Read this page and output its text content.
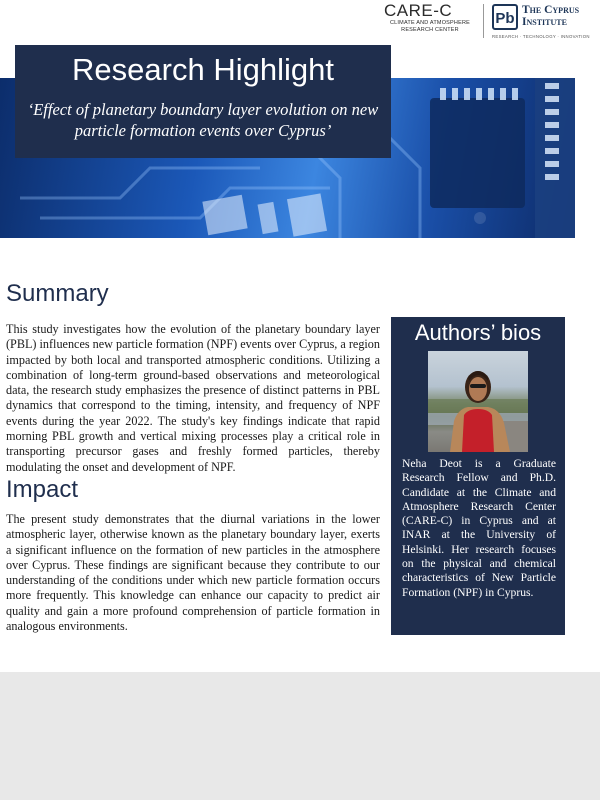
CARE-C
CLIMATE AND ATMOSPHERE RESEARCH CENTER
Pb The Cyprus Institute
RESEARCH · TECHNOLOGY · INNOVATION
Research Highlight
‘Effect of planetary boundary layer evolution on new particle formation events over Cyprus’
Summary

This study investigates how the evolution of the planetary boundary layer (PBL) influences new particle formation (NPF) events over Cyprus, a region impacted by both local and transported atmospheric conditions. Utilizing a combination of long-term ground-based observations and meteorological data, the research study emphasizes the presence of distinct patterns in PBL dynamics that correspond to the timing, intensity, and frequency of NPF events during the year 2022. The study's key findings indicate that rapid morning PBL growth and vertical mixing processes play a critical role in transporting precursor gases and freshly formed particles, thereby modulating the onset and development of NPF.

Impact

The present study demonstrates that the diurnal variations in the lower atmospheric layer, otherwise known as the planetary boundary layer, exerts a significant influence on the formation of new particles in the atmosphere over Cyprus. These findings are significant because they contribute to our understanding of the conditions under which new particle formation occurs more frequently. This knowledge can enhance our capacity to predict air quality and gain a more profound comprehension of particle formation in analogous environments.

Authors’ bios

Neha Deot is a Graduate Research Fellow and Ph.D. Candidate at the Climate and Atmosphere Research Center (CARE-C) in Cyprus and at INAR at the University of Helsinki. Her research focuses on the physical and chemical characteristics of New Particle Formation (NPF) in Cyprus.
